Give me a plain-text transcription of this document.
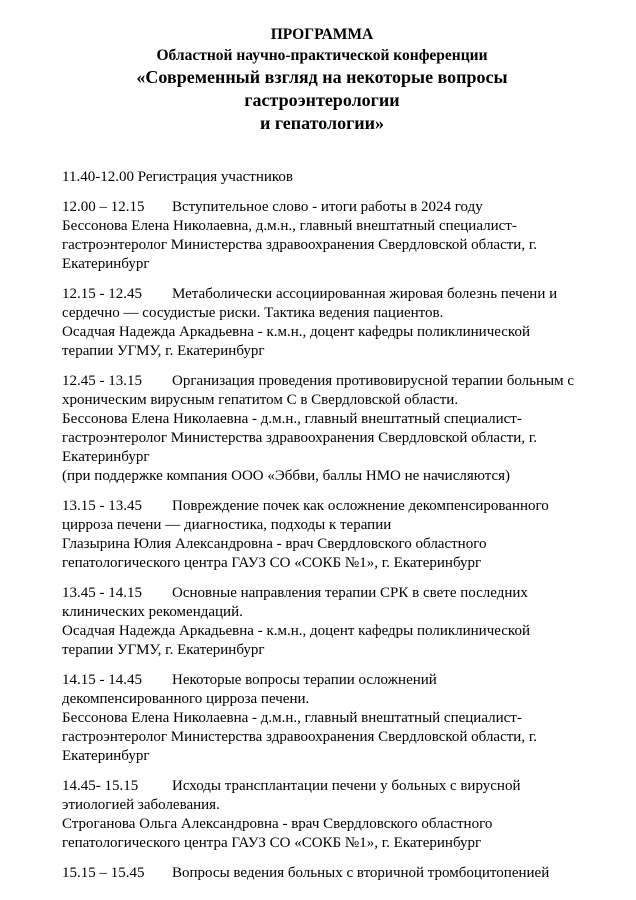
ПРОГРАММА
Областной научно-практической конференции
«Современный взгляд на некоторые вопросы гастроэнтерологии
и гепатологии»
11.40-12.00 Регистрация участников
12.00 – 12.15 Вступительное слово - итоги работы в 2024 году
Бессонова Елена Николаевна, д.м.н., главный внештатный специалист-
гастроэнтеролог Министерства здравоохранения Свердловской области, г.
Екатеринбург
12.15 - 12.45 Метаболически ассоциированная жировая болезнь печени и
сердечно — сосудистые риски. Тактика ведения пациентов.
Осадчая Надежда Аркадьевна - к.м.н., доцент кафедры поликлинической
терапии УГМУ, г. Екатеринбург
12.45 - 13.15 Организация проведения противовирусной терапии больным с
хроническим вирусным гепатитом С в Свердловской области.
Бессонова Елена Николаевна - д.м.н., главный внештатный специалист-
гастроэнтеролог Министерства здравоохранения Свердловской области, г.
Екатеринбург
(при поддержке компания ООО «Эббви, баллы НМО не начисляются)
13.15 - 13.45 Повреждение почек как осложнение декомпенсированного
цирроза печени — диагностика, подходы к терапии
Глазырина Юлия Александровна - врач Свердловского областного
гепатологического центра ГАУЗ СО «СОКБ №1», г. Екатеринбург
13.45 - 14.15 Основные направления терапии СРК в свете последних
клинических рекомендаций.
Осадчая Надежда Аркадьевна - к.м.н., доцент кафедры поликлинической
терапии УГМУ, г. Екатеринбург
14.15 - 14.45 Некоторые вопросы терапии осложнений
декомпенсированного цирроза печени.
Бессонова Елена Николаевна - д.м.н., главный внештатный специалист-
гастроэнтеролог Министерства здравоохранения Свердловской области, г.
Екатеринбург
14.45- 15.15 Исходы трансплантации печени у больных с вирусной
этиологией заболевания.
Строганова Ольга Александровна - врач Свердловского областного
гепатологического центра ГАУЗ СО «СОКБ №1», г. Екатеринбург
15.15 – 15.45 Вопросы ведения больных с вторичной тромбоцитопенией
